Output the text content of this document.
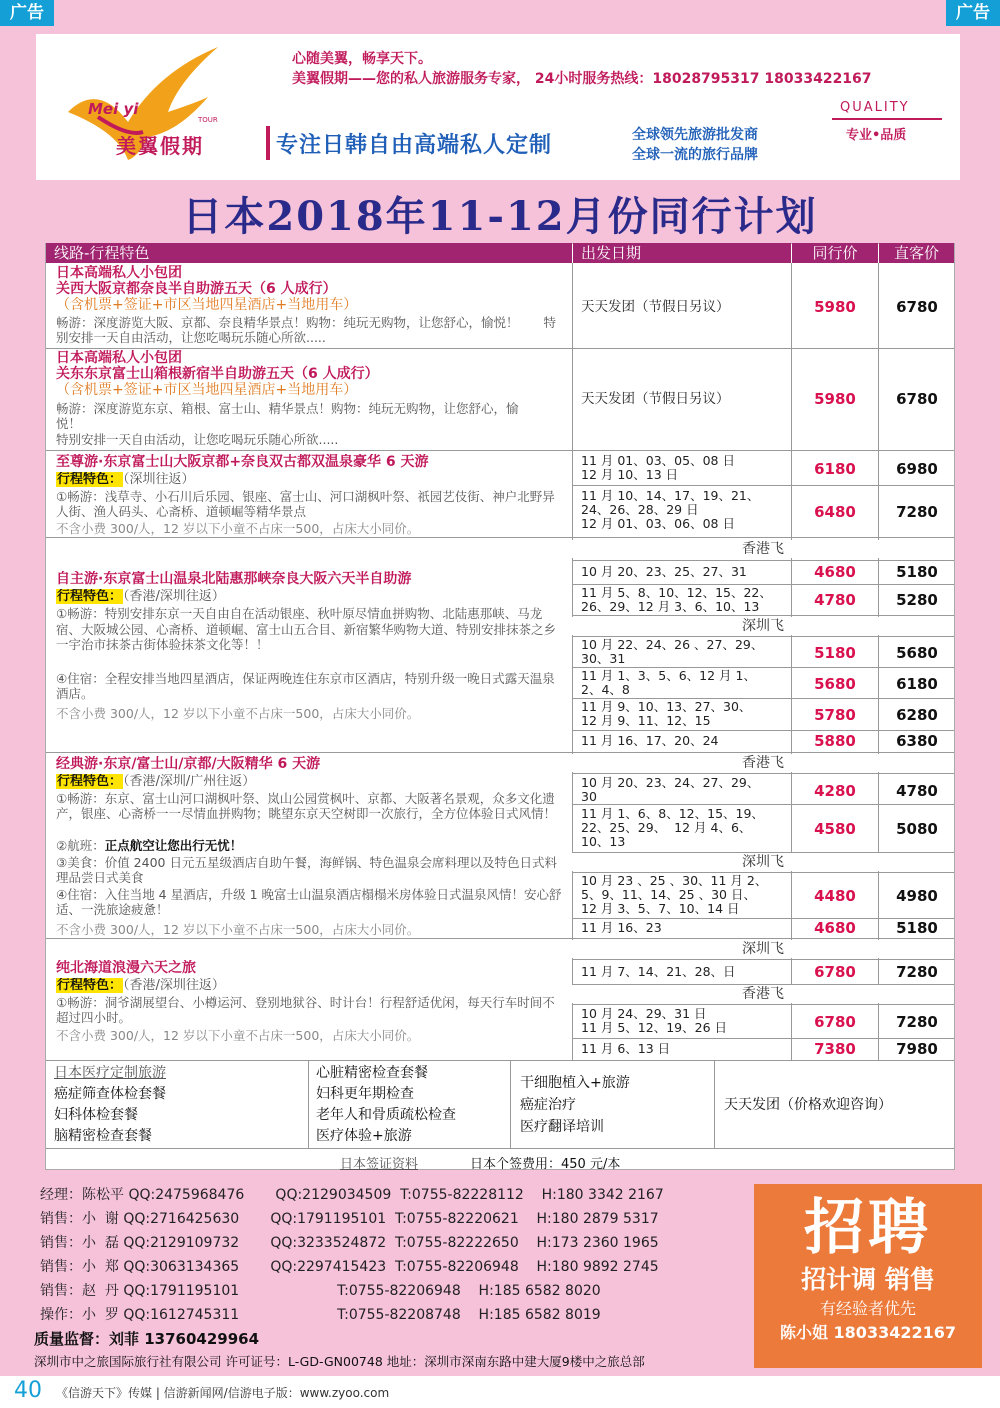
广告	广告
Mei yi
TOUR
美翼假期
心随美翼，畅享天下。
美翼假期——您的私人旅游服务专家， 24小时服务热线：18028795317 18033422167
专注日韩自由高端私人定制	全球领先旅游批发商
全球一流的旅行品牌
QUALITY
专业•品质
日本2018年11-12月份同行计划
线路-行程特色	出发日期	同行价	直客价
日本高端私人小包团
关西大阪京都奈良半自助游五天（6 人成行）
（含机票+签证+市区当地四星酒店+当地用车）
畅游：深度游览大阪、京都、奈良精华景点！购物：纯玩无购物，让您舒心，愉悦！　　特别安排一天自由活动，让您吃喝玩乐随心所欲.....
天天发团（节假日另议）	5980	6780
日本高端私人小包团
关东东京富士山箱根新宿半自助游五天（6 人成行）
（含机票+签证+市区当地四星酒店+当地用车）
畅游：深度游览东京、箱根、富士山、精华景点！购物：纯玩无购物，让您舒心，愉悦！
特别安排一天自由活动，让您吃喝玩乐随心所欲.....
天天发团（节假日另议）	5980	6780
至尊游·东京富士山大阪京都+奈良双古都双温泉豪华 6 天游
行程特色：（深圳往返）
①畅游：浅草寺、小石川后乐园、银座、富士山、河口湖枫叶祭、祇园艺伎街、神户北野异人街、渔人码头、心斋桥、道顿崛等精华景点
不含小费 300/人，12 岁以下小童不占床一500，占床大小同价。
11 月 01、03、05、08 日
12 月 10、13 日	6180	6980
11 月 10、14、17、19、21、
24、26、28、29 日
12 月 01、03、06、08 日
6480	7280
自主游·东京富士山温泉北陆惠那峡奈良大阪六天半自助游
行程特色：（香港/深圳往返）
①畅游：特别安排东京一天自由自在活动银座、秋叶原尽情血拼购物、北陆惠那峡、马龙宿、大阪城公园、心斋桥、道顿崛、富士山五合目、新宿繁华购物大道、特别安排抹茶之乡一宇治市抹茶古街体验抹茶文化等！！
④住宿：全程安排当地四星酒店，保证两晚连住东京市区酒店，特别升级一晚日式露天温泉酒店。
不含小费 300/人，12 岁以下小童不占床一500，占床大小同价。
香港飞
10 月 20、23、25、27、31	4680	5180
11 月 5、8、10、12、15、22、
26、29、12 月 3、6、10、13	4780	5280
深圳飞
10 月 22、24、26 、27、29、
30、31	5180	5680
11 月 1、3、5、6、12 月 1、
2、4、8	5680	6180
11 月 9、10、13、27、30、
12 月 9、11、12、15	5780	6280
11 月 16、17、20、24	5880	6380
经典游·东京/富士山/京都/大阪精华 6 天游
行程特色：（香港/深圳/广州往返）
①畅游：东京、富士山河口湖枫叶祭、岚山公园赏枫叶、京都、大阪著名景观，众多文化遗产，银座、心斋桥一一尽情血拼购物；眺望东京天空树即一次旅行，全方位体验日式风情！
②航班：正点航空让您出行无忧！
③美食：价值 2400 日元五星级酒店自助午餐，海鲜锅、特色温泉会席料理以及特色日式料理品尝日式美食
④住宿：入住当地 4 星酒店，升级 1 晚富士山温泉酒店榻榻米房体验日式温泉风情！安心舒适、一洗旅途疲惫！
不含小费 300/人，12 岁以下小童不占床一500，占床大小同价。
香港飞
10 月 20、23、24、27、29、
30	4280	4780
11 月 1、6、8、12、15、19、
22、25、29、  12 月 4、6、
10、13
4580	5080
深圳飞
10 月 23 、25 、30、11 月 2、
5、9、11、14、25 、30 日、
12 月 3、5、7、10、14 日
4480	4980
11 月 16、23	4680	5180
纯北海道浪漫六天之旅
行程特色：（香港/深圳往返）
①畅游：洞爷湖展望台、小樽运河、登别地狱谷、时计台！行程舒适优闲，每天行车时间不超过四小时。
不含小费 300/人，12 岁以下小童不占床一500，占床大小同价。
深圳飞
11 月 7、14、21、28、日	6780	7280
香港飞
10 月 24、29、31 日
11 月 5、12、19、26 日	6780	7280
11 月 6、13 日	7380	7980
日本医疗定制旅游
癌症筛查体检套餐
妇科体检套餐
脑精密检查套餐
心脏精密检查套餐
妇科更年期检查
老年人和骨质疏松检查
医疗体验+旅游
干细胞植入+旅游
癌症治疗
医疗翻译培训
天天发团（价格欢迎咨询）
日本签证资料	日本个签费用：450 元/本
经理：陈松平 QQ:2475968476       QQ:2129034509  T:0755-82228112    H:180 3342 2167
销售：小  谢 QQ:2716425630       QQ:1791195101  T:0755-82220621    H:180 2879 5317
销售：小  磊 QQ:2129109732       QQ:3233524872  T:0755-82222650    H:173 2360 1965
销售：小  郑 QQ:3063134365       QQ:2297415423  T:0755-82206948    H:180 9892 2745
销售：赵  丹 QQ:1791195101                      T:0755-82206948    H:185 6582 8020
操作：小  罗 QQ:1612745311                      T:0755-82208748    H:185 6582 8019
质量监督：刘菲 13760429964
深圳市中之旅国际旅行社有限公司 许可证号：L-GD-GN00748 地址：深圳市深南东路中建大厦9楼中之旅总部
招聘
招计调 销售
有经验者优先
陈小姐 18033422167
40 《信游天下》传媒 | 信游新闻网/信游电子版：www.zyoo.com
